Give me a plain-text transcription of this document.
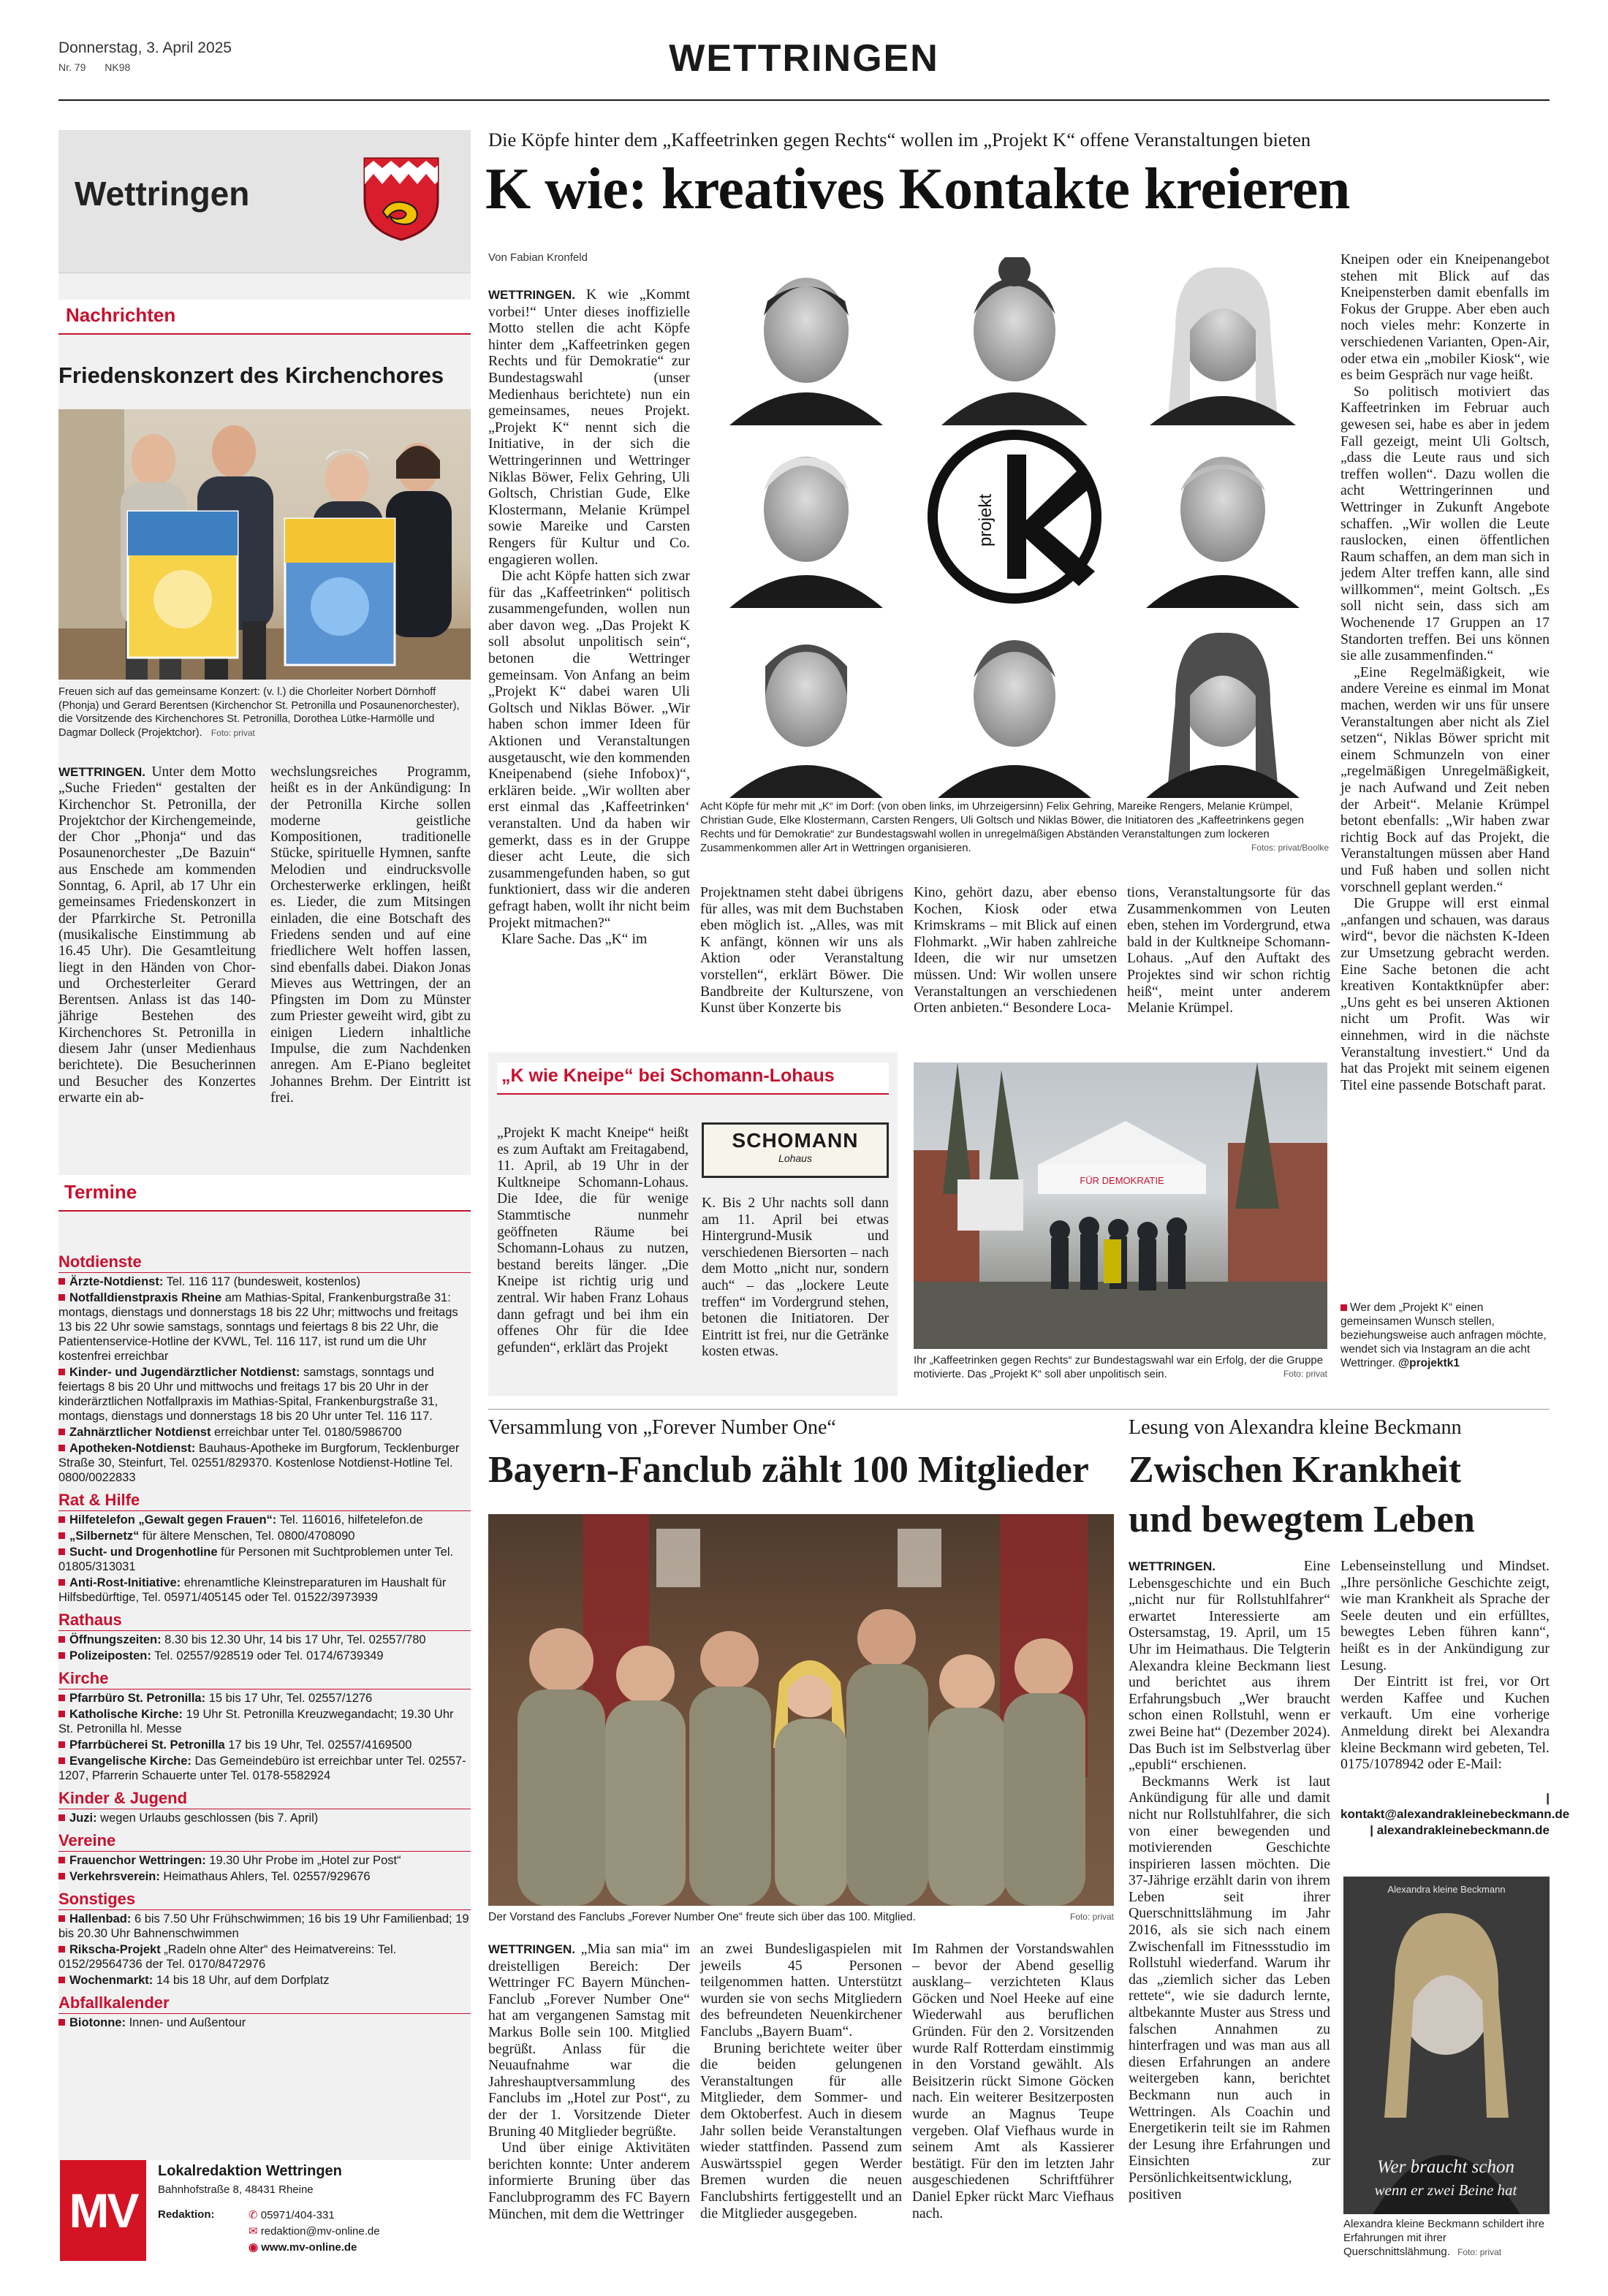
Donnerstag, 3. April 2025
Nr. 79 NK98	WETTRINGEN
Wettringen
Nachrichten
Friedenskonzert des Kirchenchores
Freuen sich auf das gemeinsame Konzert: (v. l.) die Chorleiter Norbert Dörnhoff (Phonja) und Gerard Berentsen (Kirchenchor St. Petronilla und Posaunenorchester), die Vorsitzende des Kirchenchores St. Petronilla, Dorothea Lütke-Harmölle und Dagmar Dolleck (Projektchor). Foto: privat

WETTRINGEN. Unter dem Motto „Suche Frieden“ gestalten der Kirchenchor St. Petronilla, der Projektchor der Kirchengemeinde, der Chor „Phonja“ und das Posaunenorchester „De Bazuin“ aus Enschede am kommenden Sonntag, 6. April, ab 17 Uhr ein gemeinsames Friedenskonzert in der Pfarrkirche St. Petronilla (musikalische Einstimmung ab 16.45 Uhr). Die Gesamtleitung liegt in den Händen von Chor- und Orchesterleiter Gerard Berentsen. Anlass ist das 140-jährige Bestehen des Kirchenchores St. Petronilla in diesem Jahr (unser Medienhaus berichtete). Die Besucherinnen und Besucher des Konzertes erwarte ein ab-

wechslungsreiches Programm, heißt es in der Ankündigung: In der Petronilla Kirche sollen moderne geistliche Kompositionen, traditionelle Stücke, spirituelle Hymnen, sanfte Melodien und eindrucksvolle Orchesterwerke erklingen, heißt es. Lieder, die zum Mitsingen einladen, die eine Botschaft des Friedens senden und auf eine friedlichere Welt hoffen lassen, sind ebenfalls dabei. Diakon Jonas Mieves aus Wettringen, der an Pfingsten im Dom zu Münster zum Priester geweiht wird, gibt zu einigen Liedern inhaltliche Impulse, die zum Nachdenken anregen. Am E-Piano begleitet Johannes Brehm. Der Eintritt ist frei.

Termine
Notdienste
Ärzte-Notdienst: Tel. 116 117 (bundesweit, kostenlos)
Notfalldienstpraxis Rheine am Mathias-Spital, Frankenburgstraße 31: montags, dienstags und donnerstags 18 bis 22 Uhr; mittwochs und freitags 13 bis 22 Uhr sowie samstags, sonntags und feiertags 8 bis 22 Uhr, die Patientenservice-Hotline der KVWL, Tel. 116 117, ist rund um die Uhr kostenfrei erreichbar
Kinder- und Jugendärztlicher Notdienst: samstags, sonntags und feiertags 8 bis 20 Uhr und mittwochs und freitags 17 bis 20 Uhr in der kinderärztlichen Notfallpraxis im Mathias-Spital, Frankenburgstraße 31, montags, dienstags und donnerstags 18 bis 20 Uhr unter Tel. 116 117.
Zahnärztlicher Notdienst erreichbar unter Tel. 0180/5986700
Apotheken-Notdienst: Bauhaus-Apotheke im Burgforum, Tecklenburger Straße 30, Steinfurt, Tel. 02551/829370. Kostenlose Notdienst-Hotline Tel. 0800/0022833
Rat & Hilfe
Hilfetelefon „Gewalt gegen Frauen“: Tel. 116016, hilfetelefon.de
„Silbernetz“ für ältere Menschen, Tel. 0800/4708090
Sucht- und Drogenhotline für Personen mit Suchtproblemen unter Tel. 01805/313031
Anti-Rost-Initiative: ehrenamtliche Kleinstreparaturen im Haushalt für Hilfsbedürftige, Tel. 05971/405145 oder Tel. 01522/3973939
Rathaus
Öffnungszeiten: 8.30 bis 12.30 Uhr, 14 bis 17 Uhr, Tel. 02557/780
Polizeiposten: Tel. 02557/928519 oder Tel. 0174/6739349
Kirche
Pfarrbüro St. Petronilla: 15 bis 17 Uhr, Tel. 02557/1276
Katholische Kirche: 19 Uhr St. Petronilla Kreuzwegandacht; 19.30 Uhr St. Petronilla hl. Messe
Pfarrbücherei St. Petronilla 17 bis 19 Uhr, Tel. 02557/4169500
Evangelische Kirche: Das Gemeindebüro ist erreichbar unter Tel. 02557-1207, Pfarrerin Schauerte unter Tel. 0178-5582924
Kinder & Jugend
Juzi: wegen Urlaubs geschlossen (bis 7. April)
Vereine
Frauenchor Wettringen: 19.30 Uhr Probe im „Hotel zur Post“
Verkehrsverein: Heimathaus Ahlers, Tel. 02557/929676
Sonstiges
Hallenbad: 6 bis 7.50 Uhr Frühschwimmen; 16 bis 19 Uhr Familienbad; 19 bis 20.30 Uhr Bahnenschwimmen
Rikscha-Projekt „Radeln ohne Alter“ des Heimatvereins: Tel. 0152/29564736 der Tel. 0170/8472976
Wochenmarkt: 14 bis 18 Uhr, auf dem Dorfplatz
Abfallkalender
Biotonne: Innen- und Außentour
MV
Lokalredaktion Wettringen
Bahnhofstraße 8, 48431 Rheine
Redaktion:	✆ 05971/404-331
✉ redaktion@mv-online.de
◉ www.mv-online.de
Die Köpfe hinter dem „Kaffeetrinken gegen Rechts“ wollen im „Projekt K“ offene Veranstaltungen bieten
K wie: kreatives Kontakte kreieren
Von Fabian Kronfeld

WETTRINGEN. K wie „Kommt vorbei!“ Unter dieses inoffizielle Motto stellen die acht Köpfe hinter dem „Kaffeetrinken gegen Rechts und für Demokratie“ zur Bundestagswahl (unser Medienhaus berichtete) nun ein gemeinsames, neues Projekt. „Projekt K“ nennt sich die Initiative, in der sich die Wettringerinnen und Wettringer Niklas Böwer, Felix Gehring, Uli Goltsch, Christian Gude, Elke Klostermann, Melanie Krümpel sowie Mareike und Carsten Rengers für Kultur und Co. engagieren wollen.

Die acht Köpfe hatten sich zwar für das „Kaffeetrinken“ politisch zusammengefunden, wollen nun aber davon weg. „Das Projekt K soll absolut unpolitisch sein“, betonen die Wettringer gemeinsam. Von Anfang an beim „Projekt K“ dabei waren Uli Goltsch und Niklas Böwer. „Wir haben schon immer Ideen für Aktionen und Veranstaltungen ausgetauscht, wie den kommenden Kneipenabend (siehe Infobox)“, erklären beide. „Wir wollten aber erst einmal das ‚Kaffeetrinken‘ veranstalten. Und da haben wir gemerkt, dass es in der Gruppe dieser acht Leute, die sich zusammengefunden haben, so gut funktioniert, dass wir die anderen gefragt haben, wollt ihr nicht beim Projekt mitmachen?“

Klare Sache. Das „K“ im

projekt
Acht Köpfe für mehr mit „K“ im Dorf: (von oben links, im Uhrzeigersinn) Felix Gehring, Mareike Rengers, Melanie Krümpel, Christian Gude, Elke Klostermann, Carsten Rengers, Uli Goltsch und Niklas Böwer, die Initiatoren des „Kaffeetrinkens gegen Rechts und für Demokratie“ zur Bundestagswahl wollen in unregelmäßigen Abständen Veranstaltungen zum lockeren Zusammenkommen aller Art in Wettringen organisieren.	Fotos: privat/Boolke

Projektnamen steht dabei übrigens für alles, was mit dem Buchstaben eben möglich ist. „Alles, was mit K anfängt, können wir uns als Aktion oder Veranstaltung vorstellen“, erklärt Böwer. Die Bandbreite der Kulturszene, von Kunst über Konzerte bis

Kino, gehört dazu, aber ebenso Kochen, Kiosk oder etwa Krimskrams – mit Blick auf einen Flohmarkt. „Wir haben zahlreiche Ideen, die wir nur umsetzen müssen. Und: Wir wollen unsere Veranstaltungen an verschiedenen Orten anbieten.“ Besondere Loca-

tions, Veranstaltungsorte für das Zusammenkommen von Leuten eben, stehen im Vordergrund, etwa bald in der Kultkneipe Schomann-Lohaus. „Auf den Auftakt des Projektes sind wir schon richtig heiß“, meint unter anderem Melanie Krümpel.

Kneipen oder ein Kneipenangebot stehen mit Blick auf das Kneipensterben damit ebenfalls im Fokus der Gruppe. Aber eben auch noch vieles mehr: Konzerte in verschiedenen Varianten, Open-Air, oder etwa ein „mobiler Kiosk“, wie es beim Gespräch nur vage heißt.

So politisch motiviert das Kaffeetrinken im Februar auch gewesen sei, habe es aber in jedem Fall gezeigt, meint Uli Goltsch, „dass die Leute raus und sich treffen wollen“. Dazu wollen die acht Wettringerinnen und Wettringer in Zukunft Angebote schaffen. „Wir wollen die Leute rauslocken, einen öffentlichen Raum schaffen, an dem man sich in jedem Alter treffen kann, alle sind willkommen“, meint Goltsch. „Es soll nicht sein, dass sich am Wochenende 17 Gruppen an 17 Standorten treffen. Bei uns können sie alle zusammenfinden.“

„Eine Regelmäßigkeit, wie andere Vereine es einmal im Monat machen, werden wir uns für unsere Veranstaltungen aber nicht als Ziel setzen“, Niklas Böwer spricht mit einem Schmunzeln von einer „regelmäßigen Unregelmäßigkeit, je nach Aufwand und Zeit neben der Arbeit“. Melanie Krümpel betont ebenfalls: „Wir haben zwar richtig Bock auf das Projekt, die Veranstaltungen müssen aber Hand und Fuß haben und sollen nicht vorschnell geplant werden.“

Die Gruppe will erst einmal „anfangen und schauen, was daraus wird“, bevor die nächsten K-Ideen zur Umsetzung gebracht werden. Eine Sache betonen die acht kreativen Kontaktknüpfer aber: „Uns geht es bei unseren Aktionen nicht um Profit. Was wir einnehmen, wird in die nächste Veranstaltung investiert.“ Und da hat das Projekt mit seinem eigenen Titel eine passende Botschaft parat.

Wer dem „Projekt K“ einen gemeinsamen Wunsch stellen, beziehungsweise auch anfragen möchte, wendet sich via Instagram an die acht Wettringer. @projektk1
„K wie Kneipe“ bei Schomann-Lohaus

„Projekt K macht Kneipe“ heißt es zum Auftakt am Freitagabend, 11. April, ab 19 Uhr in der Kultkneipe Schomann-Lohaus. Die Idee, die für wenige Stammtische nunmehr geöffneten Räume bei Schomann-Lohaus zu nutzen, bestand bereits länger. „Die Kneipe ist richtig urig und zentral. Wir haben Franz Lohaus dann gefragt und bei ihm ein offenes Ohr für die Idee gefunden“, erklärt das Projekt

SCHOMANN
Lohaus

K. Bis 2 Uhr nachts soll dann am 11. April bei etwas Hintergrund-Musik und verschiedenen Biersorten – nach dem Motto „nicht nur, sondern auch“ – das „lockere Leute treffen“ im Vordergrund stehen, betonen die Initiatoren. Der Eintritt ist frei, nur die Getränke kosten etwas.

FÜR DEMOKRATIE
Ihr „Kaffeetrinken gegen Rechts“ zur Bundestagswahl war ein Erfolg, der die Gruppe motivierte. Das „Projekt K“ soll aber unpolitisch sein.	Foto: privat
Versammlung von „Forever Number One“
Bayern-Fanclub zählt 100 Mitglieder
Der Vorstand des Fanclubs „Forever Number One“ freute sich über das 100. Mitglied.	Foto: privat

WETTRINGEN. „Mia san mia“ im dreistelligen Bereich: Der Wettringer FC Bayern München-Fanclub „Forever Number One“ hat am vergangenen Samstag mit Markus Bolle sein 100. Mitglied begrüßt. Anlass für die Neuaufnahme war die Jahreshauptversammlung des Fanclubs im „Hotel zur Post“, zu der der 1. Vorsitzende Dieter Bruning 40 Mitglieder begrüßte.

Und über einige Aktivitäten berichten konnte: Unter anderem informierte Bruning über das Fanclubprogramm des FC Bayern München, mit dem die Wettringer

an zwei Bundesligaspielen mit jeweils 45 Personen teilgenommen hatten. Unterstützt wurden sie von sechs Mitgliedern des befreundeten Neuenkirchener Fanclubs „Bayern Buam“.

Bruning berichtete weiter über die beiden gelungenen Veranstaltungen für alle Mitglieder, dem Sommer- und dem Oktoberfest. Auch in diesem Jahr sollen beide Veranstaltungen wieder stattfinden. Passend zum Auswärtsspiel gegen Werder Bremen wurden die neuen Fanclubshirts fertiggestellt und an die Mitglieder ausgegeben.

Im Rahmen der Vorstandswahlen – bevor der Abend gesellig ausklang– verzichteten Klaus Göcken und Noel Heeke auf eine Wiederwahl aus beruflichen Gründen. Für den 2. Vorsitzenden wurde Ralf Rotterdam einstimmig in den Vorstand gewählt. Als Beisitzerin rückt Simone Göcken nach. Ein weiterer Besitzerposten wurde an Magnus Teupe vergeben. Olaf Viefhaus wurde in seinem Amt als Kassierer bestätigt. Für den im letzten Jahr ausgeschiedenen Schriftführer Daniel Epker rückt Marc Viefhaus nach.

Lesung von Alexandra kleine Beckmann
Zwischen Krankheit
und bewegtem Leben

WETTRINGEN.	Eine Lebensgeschichte und ein Buch „nicht nur für Rollstuhlfahrer“ erwartet Interessierte am Ostersamstag, 19. April, um 15 Uhr im Heimathaus. Die Telgterin Alexandra kleine Beckmann liest und berichtet aus ihrem Erfahrungsbuch „Wer braucht schon einen Rollstuhl, wenn er zwei Beine hat“ (Dezember 2024). Das Buch ist im Selbstverlag über „epubli“ erschienen.

Beckmanns Werk ist laut Ankündigung für alle und damit nicht nur Rollstuhlfahrer, die sich von einer bewegenden und motivierenden Geschichte inspirieren lassen möchten. Die 37-Jährige erzählt darin von ihrem Leben seit ihrer Querschnittslähmung im Jahr 2016, als sie sich nach einem Zwischenfall im Fitnessstudio im Rollstuhl wiederfand. Warum ihr das „ziemlich sicher das Leben rettete“, wie sie dadurch lernte, altbekannte Muster aus Stress und falschen Annahmen zu hinterfragen und was man aus all diesen Erfahrungen an andere weitergeben kann, berichtet Beckmann nun auch in Wettringen. Als Coachin und Energetikerin teilt sie im Rahmen der Lesung ihre Erfahrungen und Einsichten zur Persönlichkeitsentwicklung, positiven

Lebenseinstellung und Mindset. „Ihre persönliche Geschichte zeigt, wie man Krankheit als Sprache der Seele deuten und ein erfülltes, bewegtes Leben führen kann“, heißt es in der Ankündigung zur Lesung.

Der Eintritt ist frei, vor Ort werden Kaffee und Kuchen verkauft. Um eine vorherige Anmeldung direkt bei Alexandra kleine Beckmann wird gebeten, Tel. 0175/1078942 oder E-Mail:

| kontakt@alexandrakleinebeckmann.de
| alexandrakleinebeckmann.de
Alexandra kleine Beckmann
Wer braucht schon
wenn er zwei Beine hat
Alexandra kleine Beckmann schildert ihre Erfahrungen mit ihrer Querschnittslähmung. Foto: privat
